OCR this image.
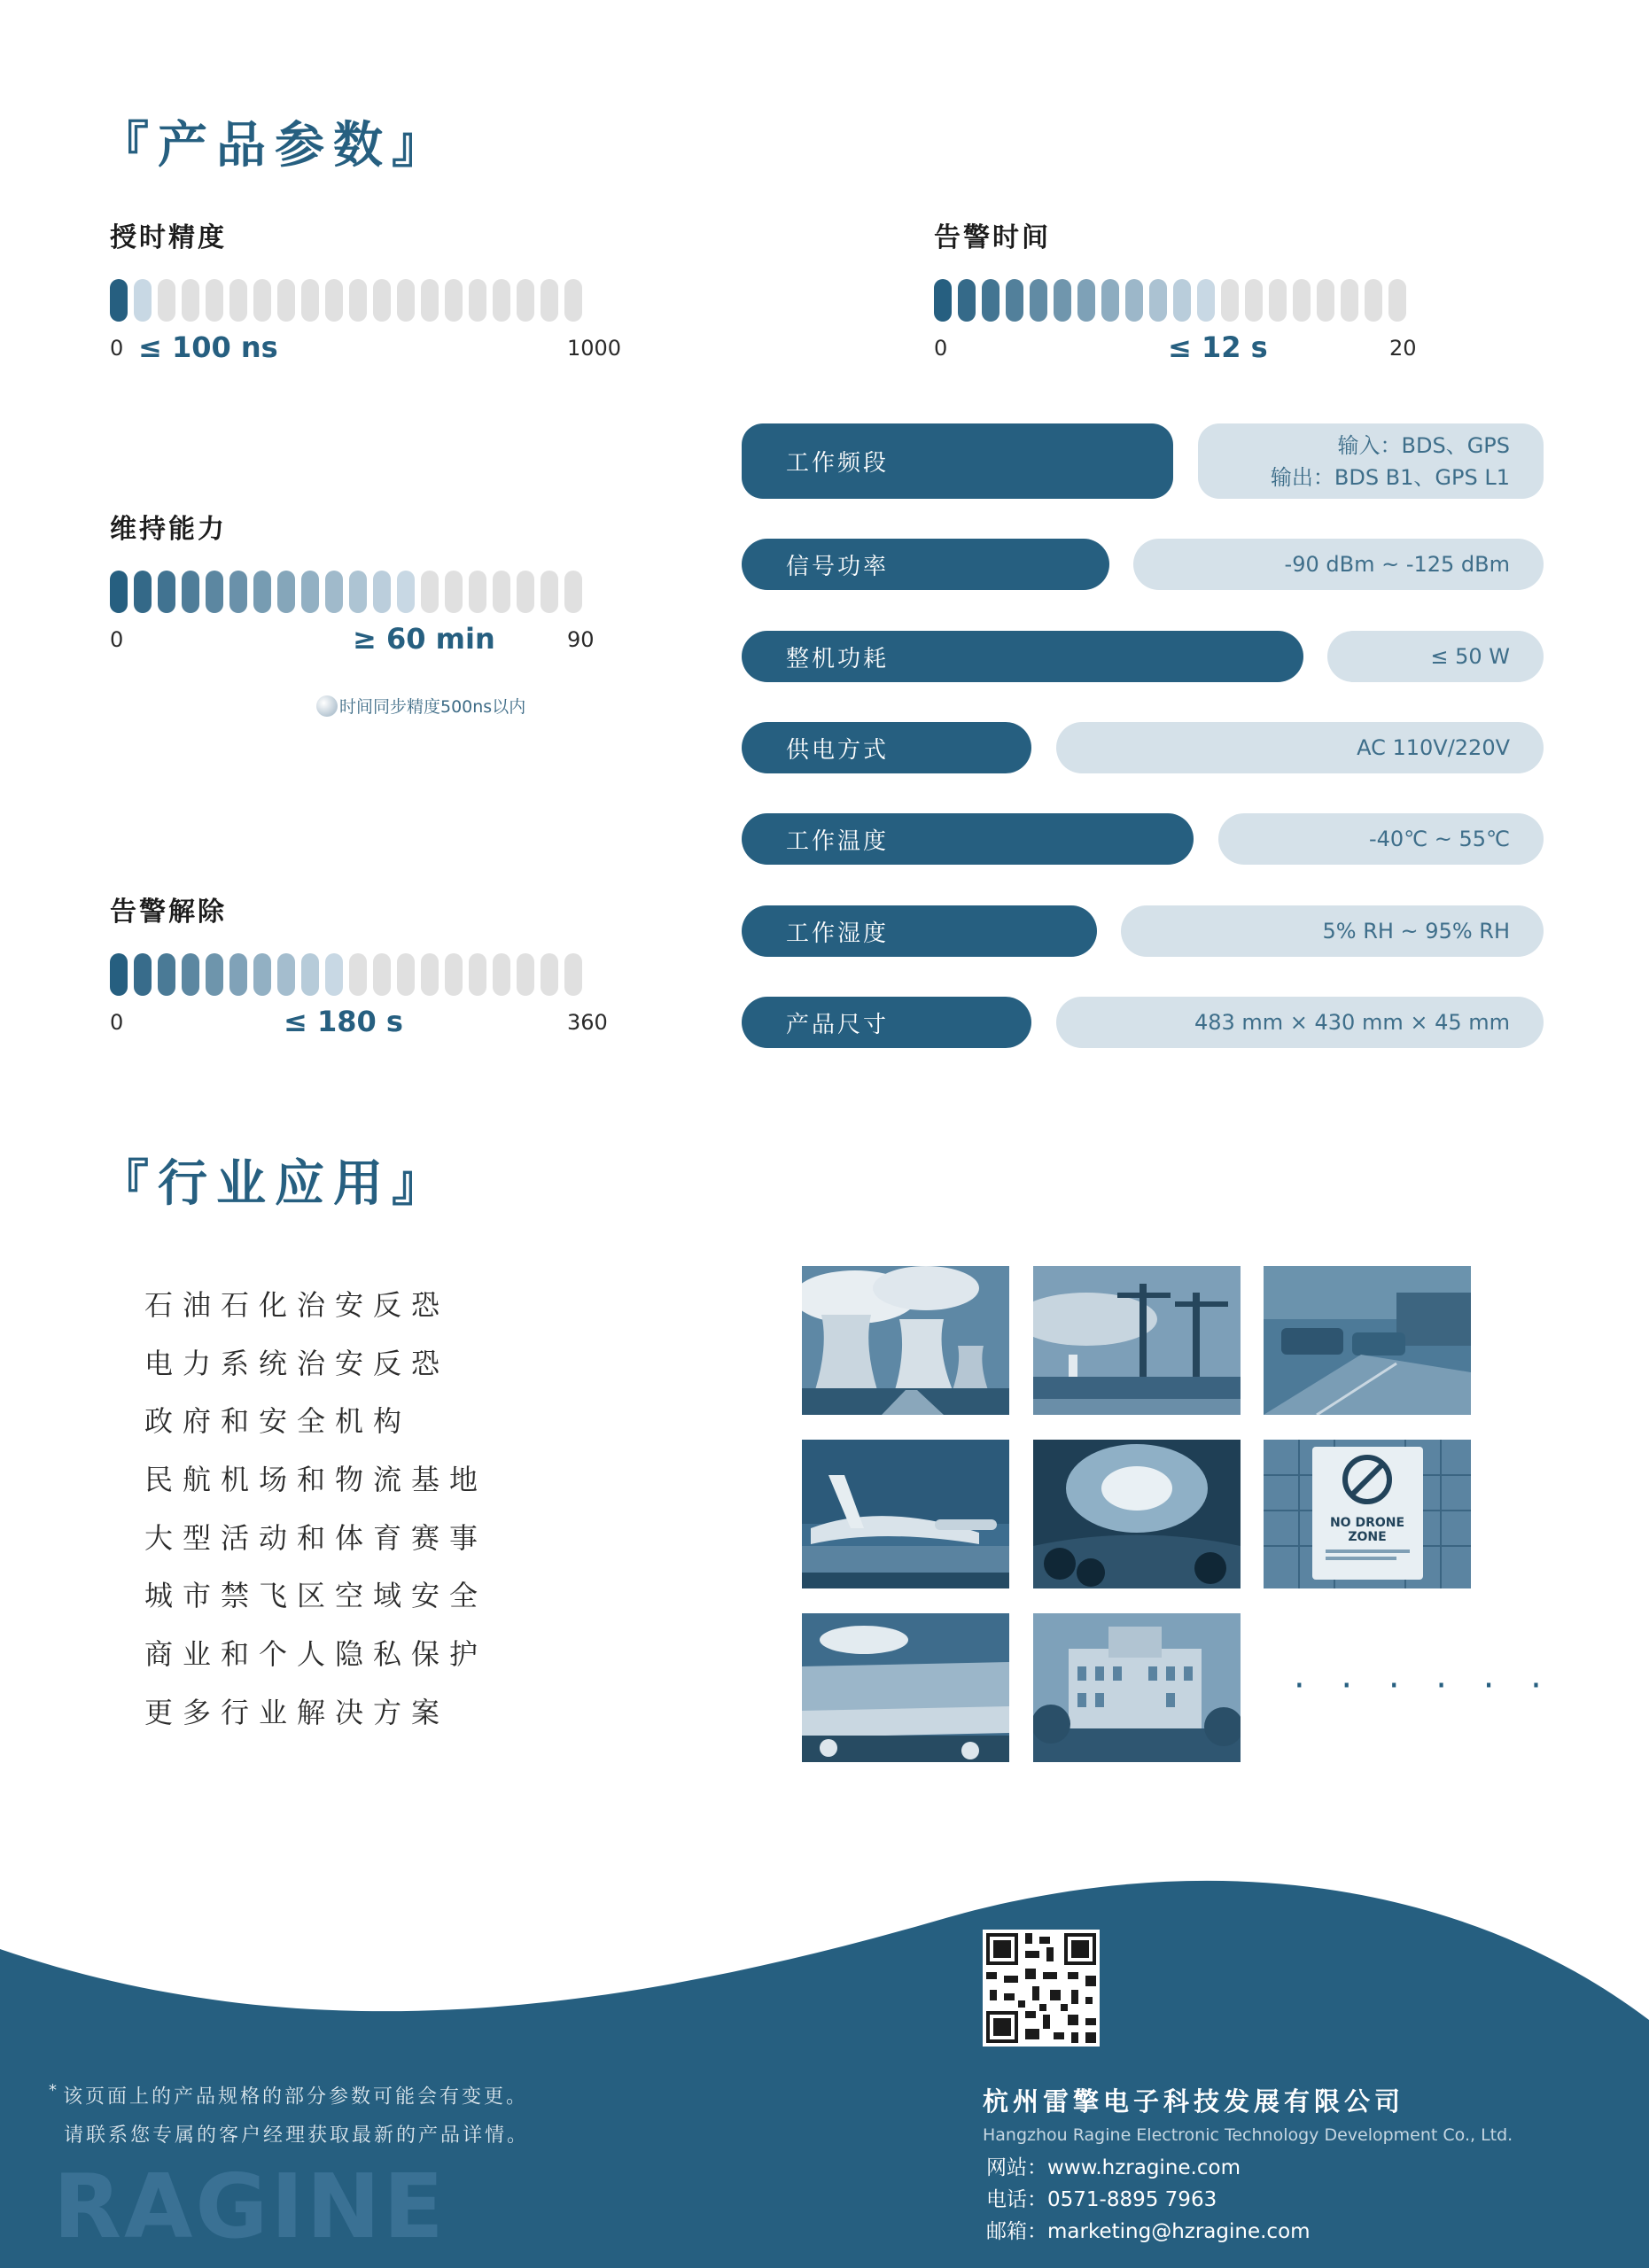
『产品参数』
授时精度
0 ≤ 100 ns	1000
告警时间
0	≤ 12 s	20
维持能力
0	≥ 60 min	90
时间同步精度500ns以内
告警解除
0	≤ 180 s	360
工作频段
输入：BDS、GPS
输出：BDS B1、GPS L1
信号功率	-90 dBm ~ -125 dBm
整机功耗	≤ 50 W
供电方式	AC 110V/220V
工作温度	-40℃ ~ 55℃
工作湿度	5% RH ~ 95% RH
产品尺寸	483 mm × 430 mm × 45 mm
『行业应用』
石油石化治安反恐
电力系统治安反恐
政府和安全机构
民航机场和物流基地
大型活动和体育赛事
城市禁飞区空域安全
商业和个人隐私保护
更多行业解决方案
NO DRONE
ZONE
· · · · · ·
* 该页面上的产品规格的部分参数可能会有变更。
请联系您专属的客户经理获取最新的产品详情。
RAGINE
杭州雷擎电子科技发展有限公司
Hangzhou Ragine Electronic Technology Development Co., Ltd.
网站：www.hzragine.com
电话：0571-8895 7963
邮箱：marketing@hzragine.com
